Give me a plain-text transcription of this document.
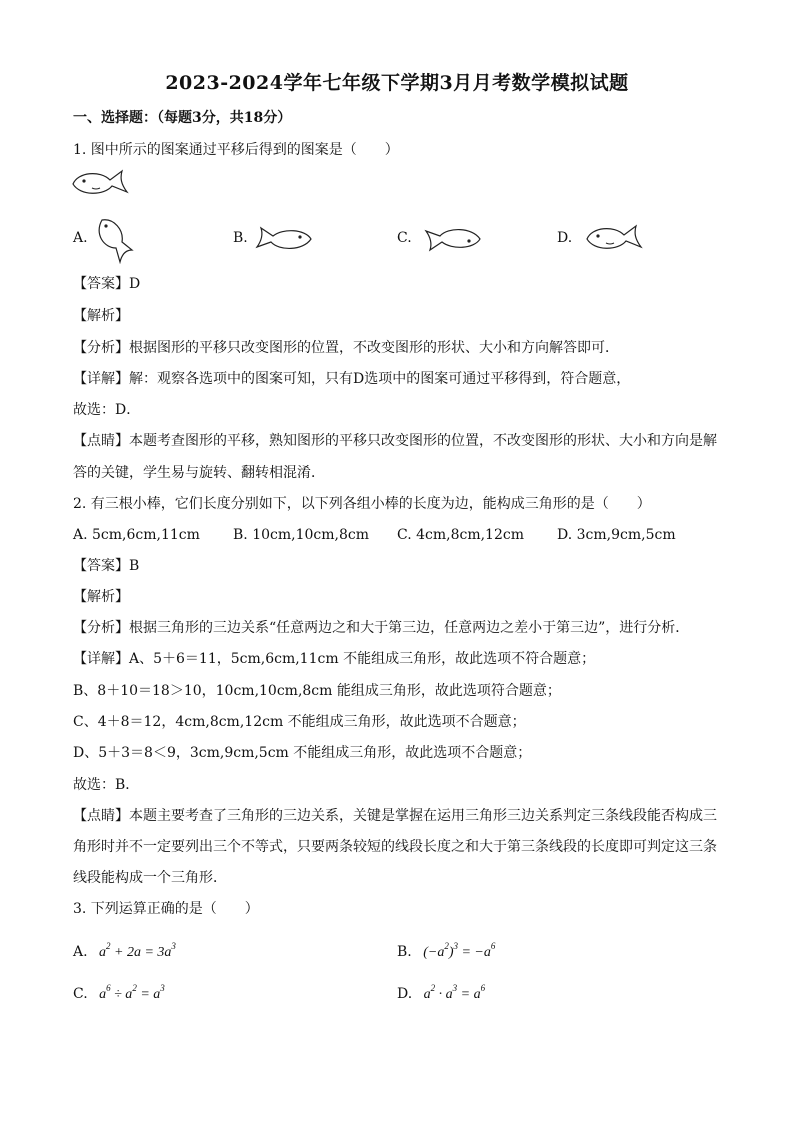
2023-2024学年七年级下学期3月月考数学模拟试题
一、选择题：（每题3分，共18分）
1. 图中所示的图案通过平移后得到的图案是（　　）
A.	B.	C.	D.
【答案】D
【解析】
【分析】根据图形的平移只改变图形的位置，不改变图形的形状、大小和方向解答即可．
【详解】解：观察各选项中的图案可知，只有D选项中的图案可通过平移得到，符合题意，
故选：D．
【点睛】本题考查图形的平移，熟知图形的平移只改变图形的位置，不改变图形的形状、大小和方向是解
答的关键，学生易与旋转、翻转相混淆．
2. 有三根小棒，它们长度分别如下，以下列各组小棒的长度为边，能构成三角形的是（　　）
A. 5cm,6cm,11cm B. 10cm,10cm,8cm C. 4cm,8cm,12cm D. 3cm,9cm,5cm
【答案】B
【解析】
【分析】根据三角形的三边关系“任意两边之和大于第三边，任意两边之差小于第三边”，进行分析．
【详解】A、5＋6＝11，5cm,6cm,11cm 不能组成三角形，故此选项不符合题意；
B、8＋10＝18＞10，10cm,10cm,8cm 能组成三角形，故此选项符合题意；
C、4＋8＝12，4cm,8cm,12cm 不能组成三角形，故此选项不合题意；
D、5＋3＝8＜9，3cm,9cm,5cm 不能组成三角形，故此选项不合题意；
故选：B．
【点睛】本题主要考查了三角形的三边关系，关键是掌握在运用三角形三边关系判定三条线段能否构成三
角形时并不一定要列出三个不等式，只要两条较短的线段长度之和大于第三条线段的长度即可判定这三条
线段能构成一个三角形．
3. 下列运算正确的是（　　）
A.   $a^2 + 2a = 3a^3$	B.   $(-a^2)^3 = -a^6$
C.   $a^6 \div a^2 = a^3$	D.   $a^2 \cdot a^3 = a^6$
